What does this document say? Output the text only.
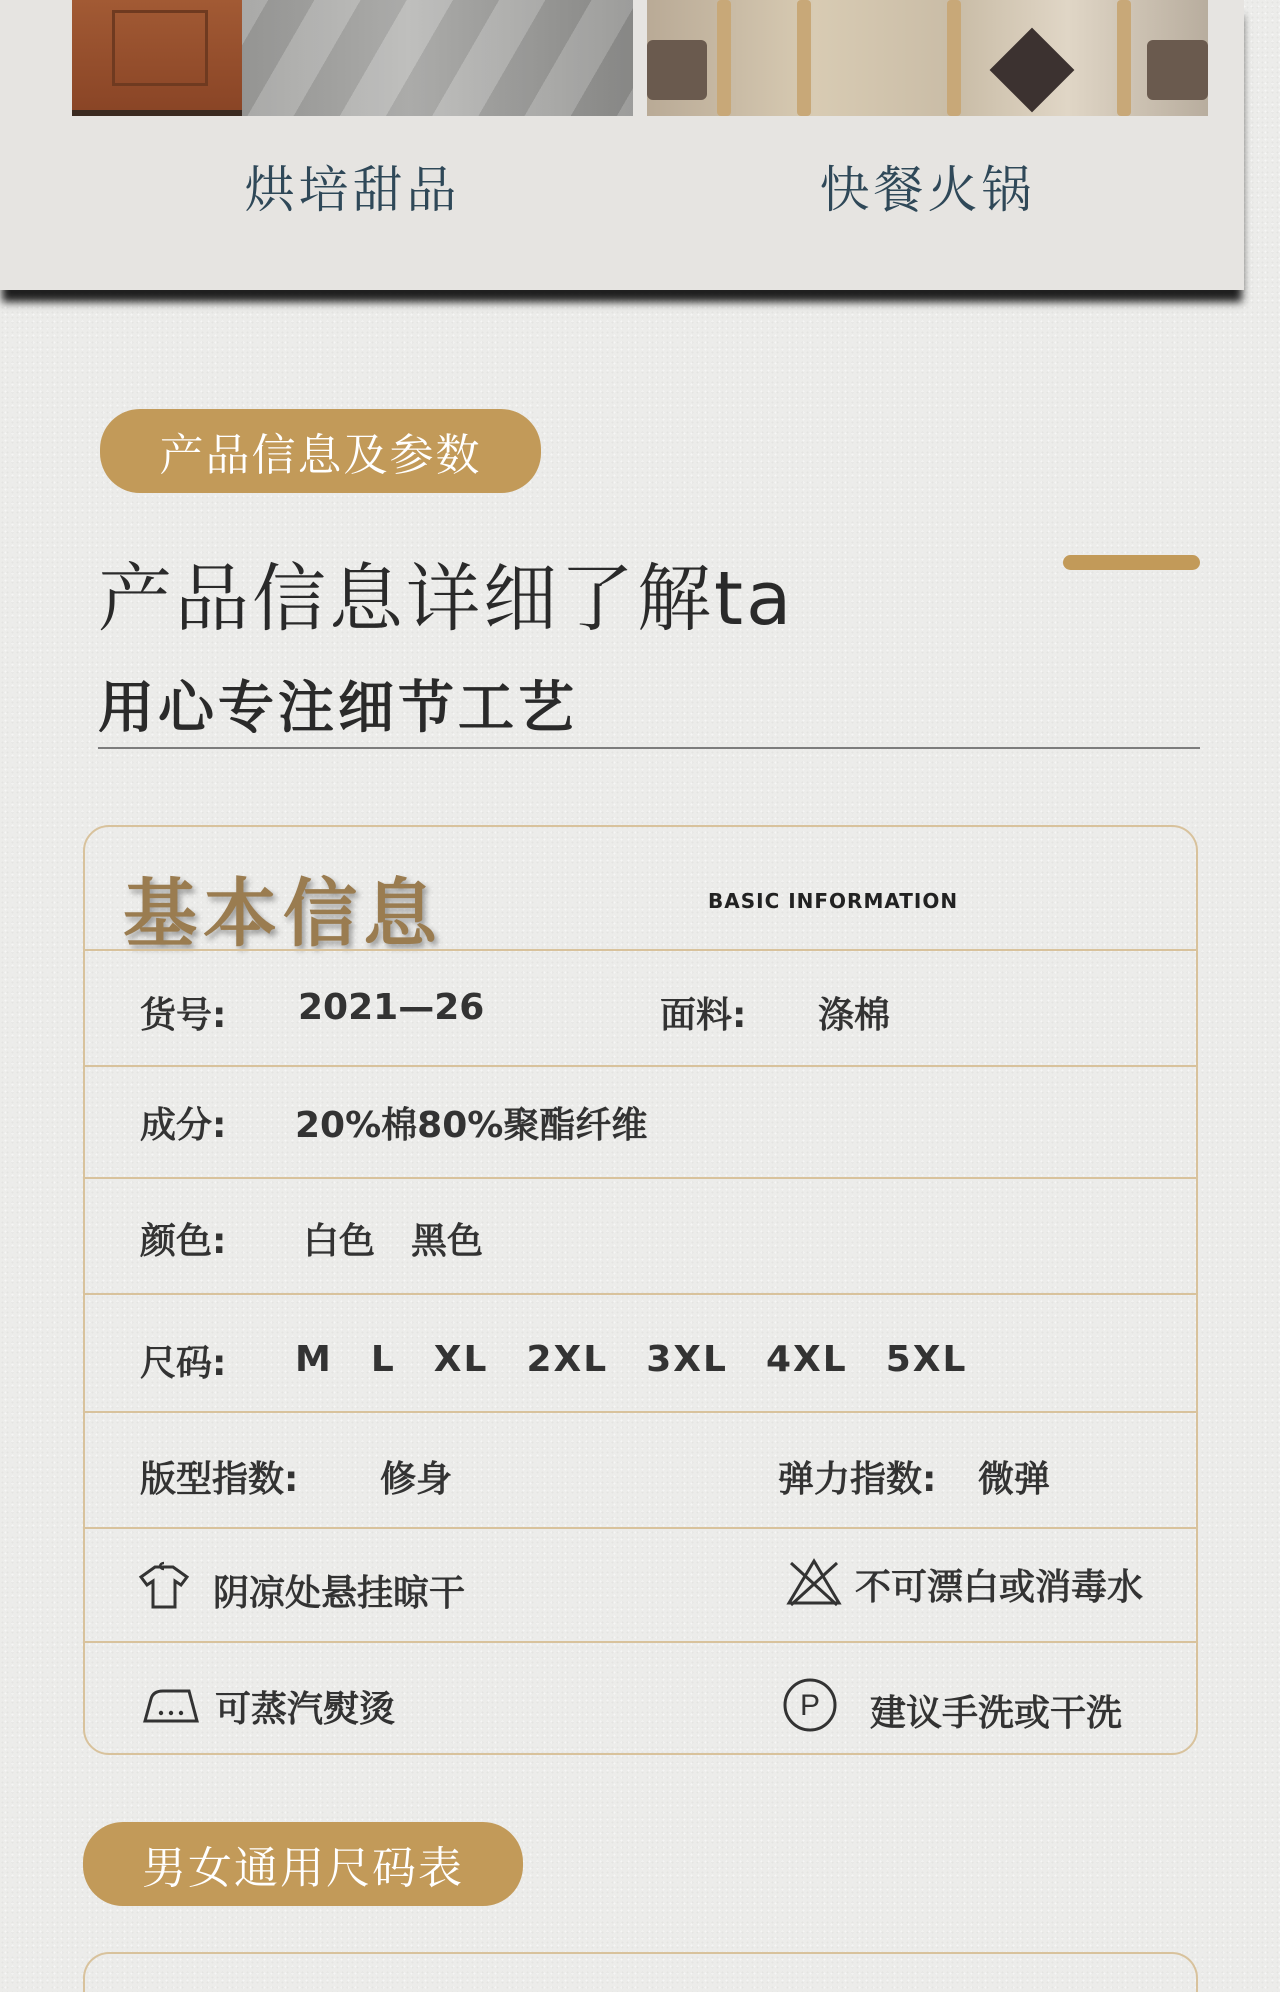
烘培甜品	快餐火锅
产品信息及参数
产品信息详细了解ta
用心专注细节工艺
基本信息	BASIC INFORMATION
货号: 2021—26	面料: 涤棉
成分: 20%棉80%聚酯纤维
颜色: 白色　黑色
尺码: M　L　XL　2XL　3XL　4XL　5XL
版型指数: 修身	弹力指数: 微弹
阴凉处悬挂晾干	不可漂白或消毒水
可蒸汽熨烫	P 建议手洗或干洗
男女通用尺码表
